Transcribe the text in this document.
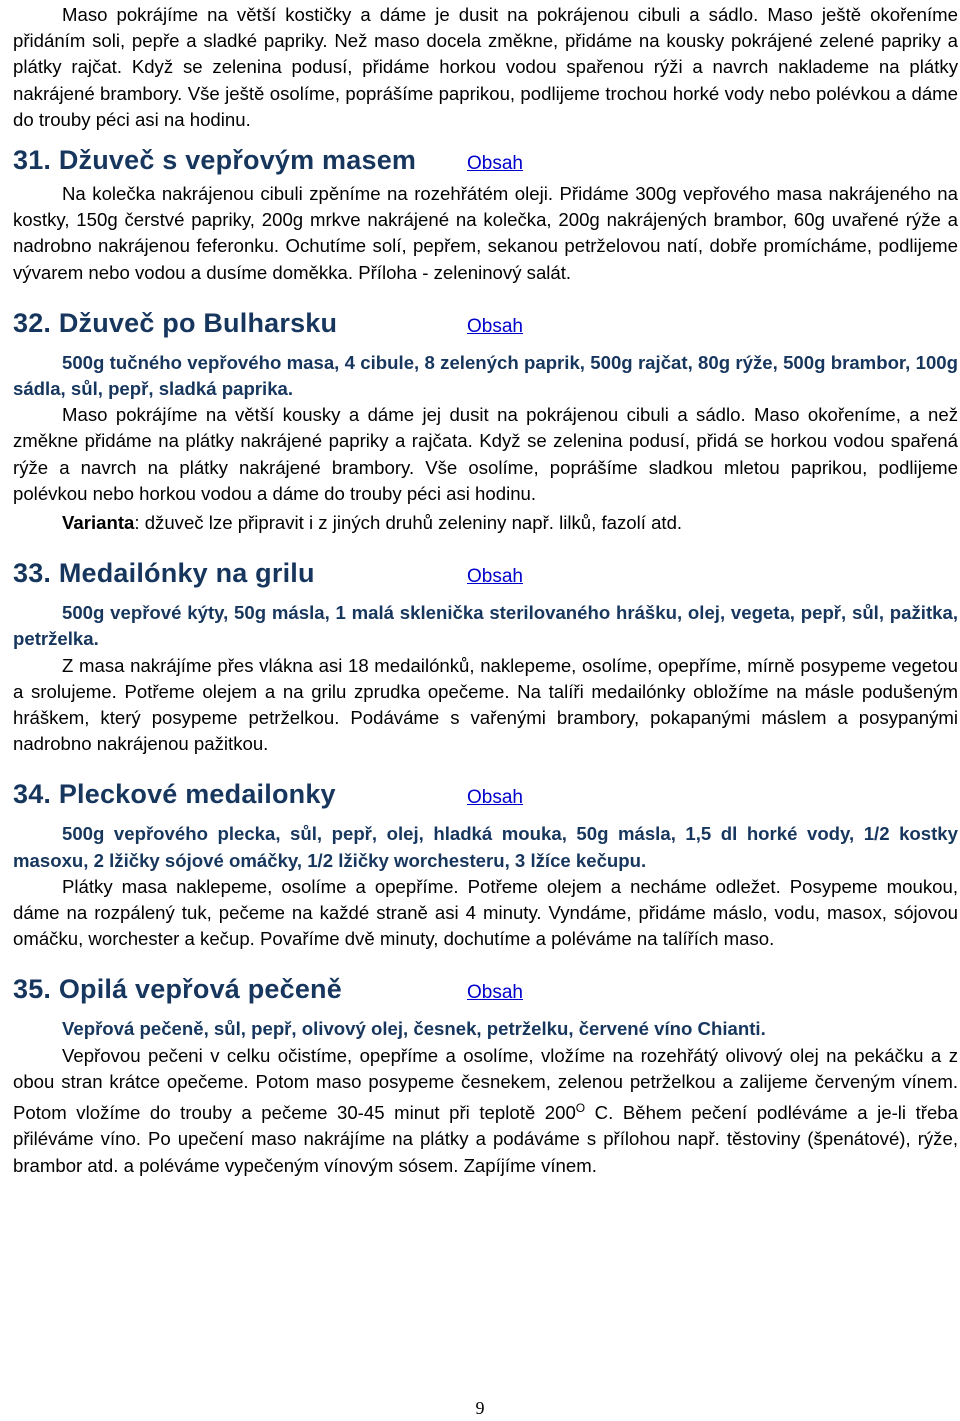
Maso pokrájíme na větší kostičky a dáme je dusit na pokrájenou cibuli a sádlo. Maso ještě okořeníme přidáním soli, pepře a sladké papriky. Než maso docela změkne, přidáme na kousky pokrájené zelené papriky a plátky rajčat. Když se zelenina podusí, přidáme horkou vodou spařenou rýži a navrch naklademe na plátky nakrájené brambory. Vše ještě osolíme, poprášíme paprikou, podlijeme trochou horké vody nebo polévkou a dáme do trouby péci asi na hodinu.

31. Džuveč s vepřovým masem	Obsah

Na kolečka nakrájenou cibuli zpěníme na rozehřátém oleji. Přidáme 300g vepřového masa nakrájeného na kostky, 150g čerstvé papriky, 200g mrkve nakrájené na kolečka, 200g nakrájených brambor, 60g uvařené rýže a nadrobno nakrájenou feferonku. Ochutíme solí, pepřem, sekanou petrželovou natí, dobře promícháme, podlijeme vývarem nebo vodou a dusíme doměkka. Příloha - zeleninový salát.

32. Džuveč po Bulharsku	Obsah

500g tučného vepřového masa, 4 cibule, 8 zelených paprik, 500g rajčat, 80g rýže, 500g brambor, 100g sádla, sůl, pepř, sladká paprika.

Maso pokrájíme na větší kousky a dáme jej dusit na pokrájenou cibuli a sádlo. Maso okořeníme, a než změkne přidáme na plátky nakrájené papriky a rajčata. Když se zelenina podusí, přidá se horkou vodou spařená rýže a navrch na plátky nakrájené brambory. Vše osolíme, poprášíme sladkou mletou paprikou, podlijeme polévkou nebo horkou vodou a dáme do trouby péci asi hodinu.

Varianta: džuveč lze připravit i z jiných druhů zeleniny např. lilků, fazolí atd.

33. Medailónky na grilu	Obsah

500g vepřové kýty, 50g másla, 1 malá sklenička sterilovaného hrášku, olej, vegeta, pepř, sůl, pažitka, petrželka.

Z masa nakrájíme přes vlákna asi 18 medailónků, naklepeme, osolíme, opepříme, mírně posypeme vegetou a srolujeme. Potřeme olejem a na grilu zprudka opečeme. Na talíři medailónky obložíme na másle podušeným hráškem, který posypeme petrželkou. Podáváme s vařenými brambory, pokapanými máslem a posypanými nadrobno nakrájenou pažitkou.

34. Pleckové medailonky	Obsah

500g vepřového plecka, sůl, pepř, olej, hladká mouka, 50g másla, 1,5 dl horké vody, 1/2 kostky masoxu, 2 lžičky sójové omáčky, 1/2 lžičky worchesteru, 3 lžíce kečupu.

Plátky masa naklepeme, osolíme a opepříme. Potřeme olejem a necháme odležet. Posypeme moukou, dáme na rozpálený tuk, pečeme na každé straně asi 4 minuty. Vyndáme, přidáme máslo, vodu, masox, sójovou omáčku, worchester a kečup. Povaříme dvě minuty, dochutíme a poléváme na talířích maso.

35. Opilá vepřová pečeně	Obsah

Vepřová pečeně, sůl, pepř, olivový olej, česnek, petrželku, červené víno Chianti.

Vepřovou pečeni v celku očistíme, opepříme a osolíme, vložíme na rozehřátý olivový olej na pekáčku a z obou stran krátce opečeme. Potom maso posypeme česnekem, zelenou petrželkou a zalijeme červeným vínem. Potom vložíme do trouby a pečeme 30-45 minut při teplotě $200^O$ C. Během pečení podléváme a je-li třeba přiléváme víno. Po upečení maso nakrájíme na plátky a podáváme s přílohou např. těstoviny (špenátové), rýže, brambor atd. a poléváme vypečeným vínovým sósem. Zapíjíme vínem.

9
